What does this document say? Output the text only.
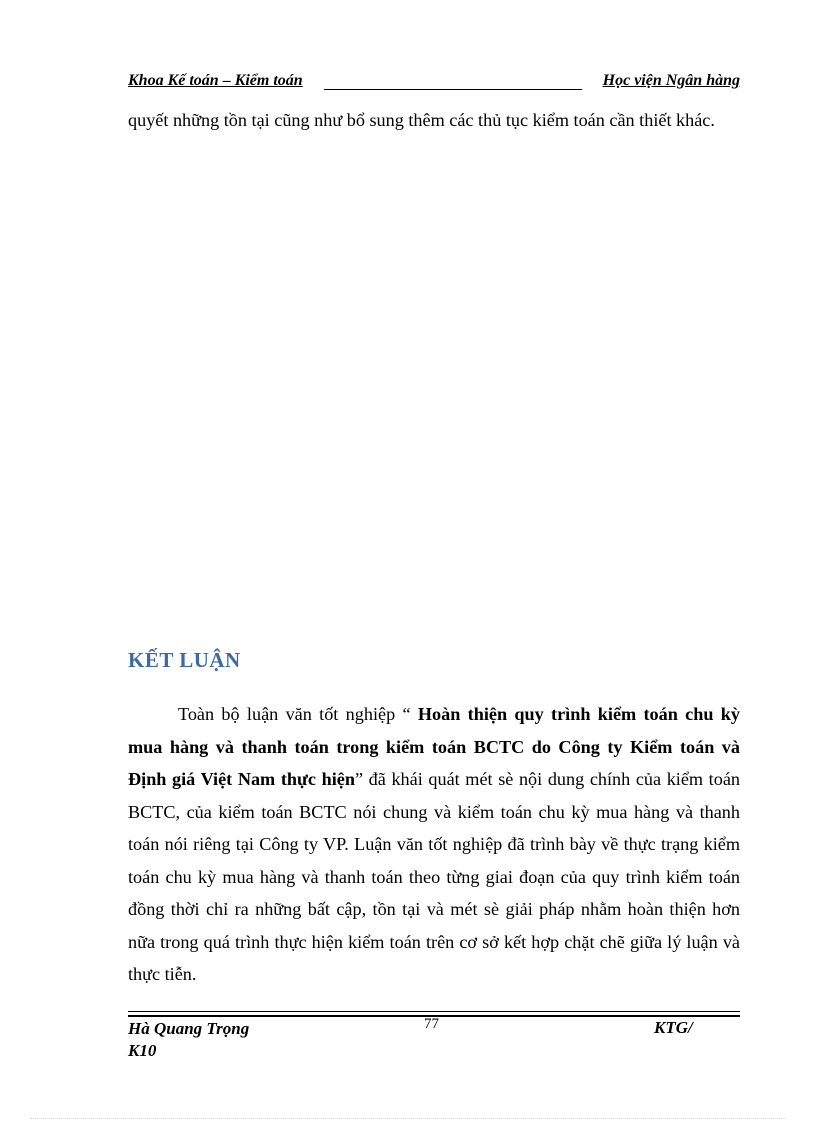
Khoa Kế toán – Kiểm toán	Học viện Ngân hàng

quyết những tồn tại cũng như bổ sung thêm các thủ tục kiểm toán cần thiết khác.

KẾT LUẬN

Toàn bộ luận văn tốt nghiệp “ Hoàn thiện quy trình kiểm toán chu kỳ mua hàng và thanh toán trong kiểm toán BCTC do Công ty Kiểm toán và Định giá Việt Nam thực hiện” đã khái quát mét sè nội dung chính của kiểm toán BCTC, của kiểm toán BCTC nói chung và kiểm toán chu kỳ mua hàng và thanh toán nói riêng tại Công ty VP. Luận văn tốt nghiệp đã trình bày về thực trạng kiểm toán chu kỳ mua hàng và thanh toán theo từng giai đoạn của quy trình kiểm toán đồng thời chỉ ra những bất cập, tồn tại và mét sè giải pháp nhằm hoàn thiện hơn nữa trong quá trình thực hiện kiểm toán trên cơ sở kết hợp chặt chẽ giữa lý luận và thực tiễn.

Hà Quang Trọng
K10
77	KTG/
